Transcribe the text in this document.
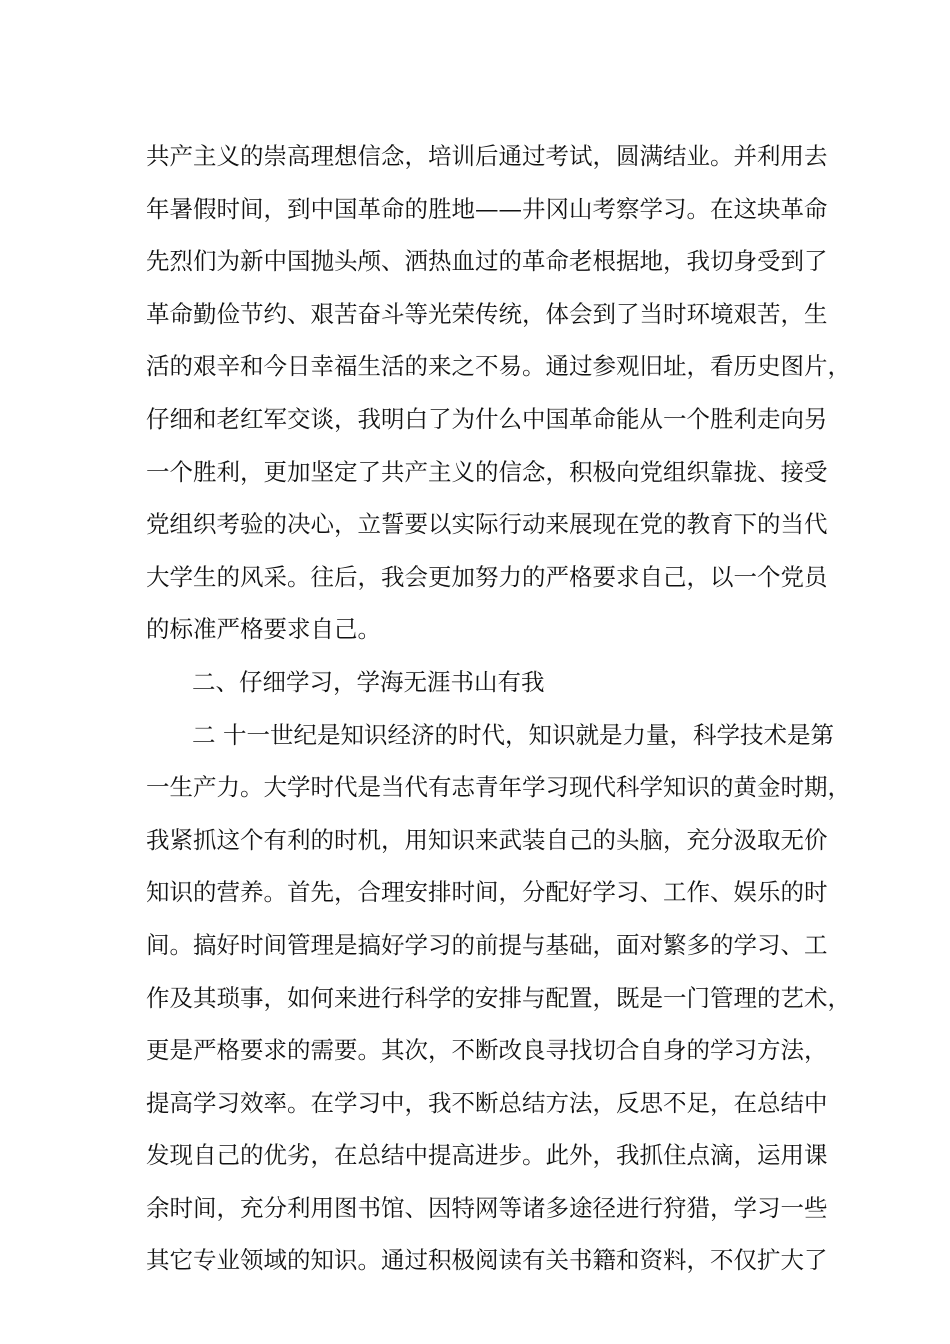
共产主义的崇高理想信念，培训后通过考试，圆满结业。并利用去
年暑假时间，到中国革命的胜地——井冈山考察学习。在这块革命
先烈们为新中国抛头颅、洒热血过的革命老根据地，我切身受到了
革命勤俭节约、艰苦奋斗等光荣传统，体会到了当时环境艰苦，生
活的艰辛和今日幸福生活的来之不易。通过参观旧址，看历史图片，
仔细和老红军交谈，我明白了为什么中国革命能从一个胜利走向另
一个胜利，更加坚定了共产主义的信念，积极向党组织靠拢、接受
党组织考验的决心，立誓要以实际行动来展现在党的教育下的当代
大学生的风采。往后，我会更加努力的严格要求自己，以一个党员
的标准严格要求自己。
二、仔细学习，学海无涯书山有我
二 十一世纪是知识经济的时代，知识就是力量，科学技术是第
一生产力。大学时代是当代有志青年学习现代科学知识的黄金时期，
我紧抓这个有利的时机，用知识来武装自己的头脑，充分汲取无价
知识的营养。首先，合理安排时间，分配好学习、工作、娱乐的时
间。搞好时间管理是搞好学习的前提与基础，面对繁多的学习、工
作及其琐事，如何来进行科学的安排与配置，既是一门管理的艺术，
更是严格要求的需要。其次，不断改良寻找切合自身的学习方法，
提高学习效率。在学习中，我不断总结方法，反思不足，在总结中
发现自己的优劣，在总结中提高进步。此外，我抓住点滴，运用课
余时间，充分利用图书馆、因特网等诸多途径进行狩猎，学习一些
其它专业领域的知识。通过积极阅读有关书籍和资料，不仅扩大了
